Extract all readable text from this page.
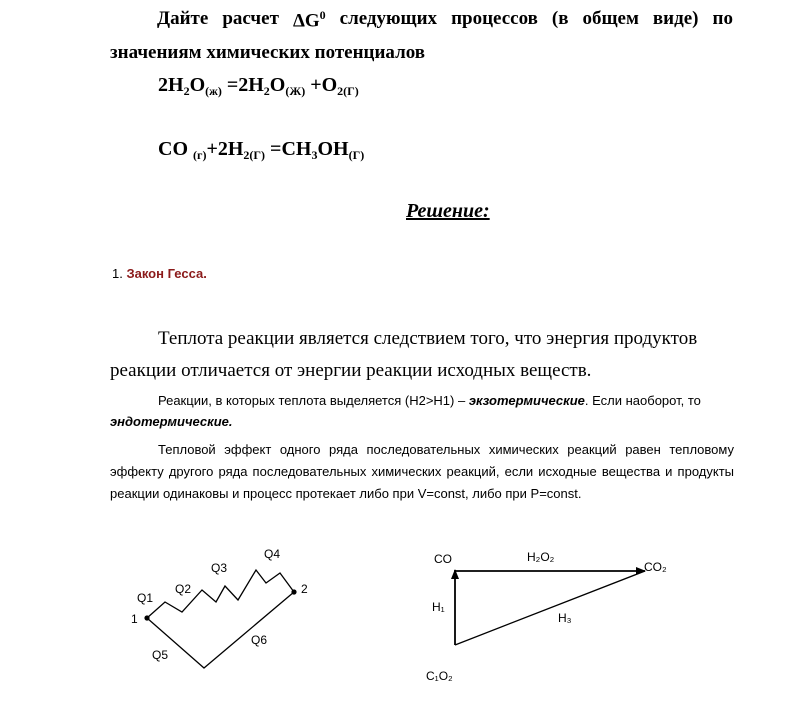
Дайте расчет $\Delta G^0$ следующих процессов (в общем виде) по
значениям химических потенциалов
$2H_2O_{(ж)} =2H_2O_{(Ж)} +O_{2(Г)}$
CO $_{(г)}+2H_{2(Г)} =CH_3OH_{(Г)}$
Решение:
1. Закон Гесса.
Теплота реакции является следствием того, что энергия продуктов
реакции отличается от энергии реакции исходных веществ.
Реакции, в которых теплота выделяется (H2>H1) – экзотермические. Если наоборот, то
эндотермические.
Тепловой эффект одного ряда последовательных химических реакций равен тепловому эффекту другого ряда последовательных химических реакций, если исходные вещества и продукты реакции одинаковы и процесс протекает либо при V=const, либо при P=const.
Q1
Q2
Q3
Q4
Q5
Q6
1
2
CO	H₂O₂
CO₂
H₁
H₃
C₁O₂
